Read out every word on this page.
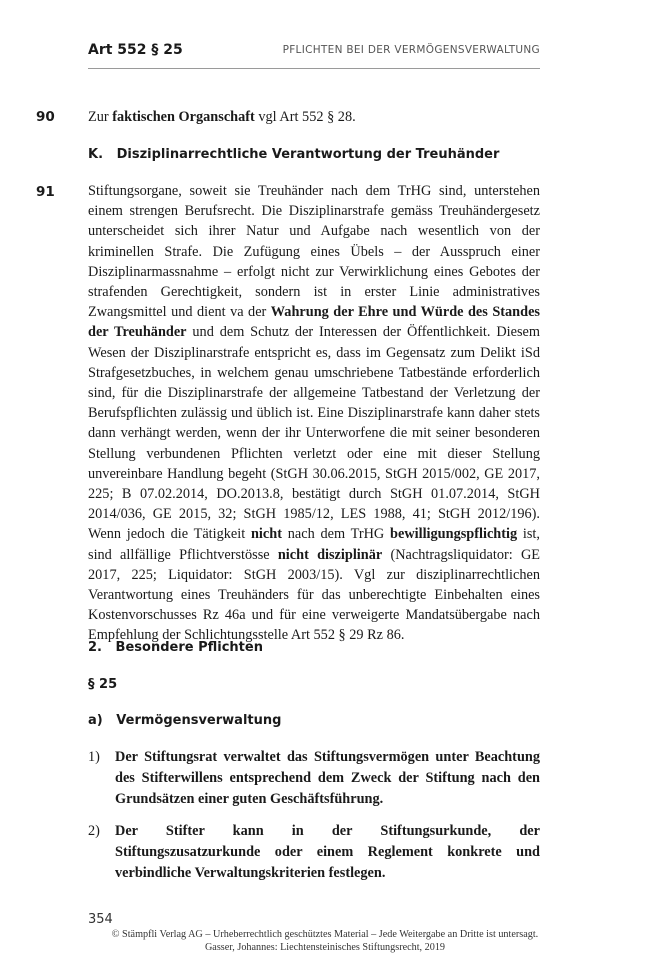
Art 552 § 25	PFLICHTEN BEI DER VERMÖGENSVERWALTUNG
90 Zur faktischen Organschaft vgl Art 552 § 28.
K.   Disziplinarrechtliche Verantwortung der Treuhänder
91 Stiftungsorgane, soweit sie Treuhänder nach dem TrHG sind, unterstehen einem strengen Berufsrecht. Die Disziplinarstrafe gemäss Treuhändergesetz unterscheidet sich ihrer Natur und Aufgabe nach wesentlich von der kriminellen Strafe. Die Zufügung eines Übels – der Ausspruch einer Disziplinarmassnahme – erfolgt nicht zur Verwirklichung eines Gebotes der strafenden Gerechtigkeit, sondern ist in erster Linie administratives Zwangsmittel und dient va der Wahrung der Ehre und Würde des Standes der Treuhänder und dem Schutz der Interessen der Öffentlichkeit. Diesem Wesen der Disziplinarstrafe entspricht es, dass im Gegensatz zum Delikt iSd Strafgesetzbuches, in welchem genau umschriebene Tatbestände erforderlich sind, für die Disziplinarstrafe der allgemeine Tatbestand der Verletzung der Berufspflichten zulässig und üblich ist. Eine Disziplinarstrafe kann daher stets dann verhängt werden, wenn der ihr Unterworfene die mit seiner besonderen Stellung verbundenen Pflichten verletzt oder eine mit dieser Stellung unvereinbare Handlung begeht (StGH 30.06.2015, StGH 2015/002, GE 2017, 225; B 07.02.2014, DO.2013.8, bestätigt durch StGH 01.07.2014, StGH 2014/036, GE 2015, 32; StGH 1985/12, LES 1988, 41; StGH 2012/196). Wenn jedoch die Tätigkeit nicht nach dem TrHG bewilligungspflichtig ist, sind allfällige Pflichtverstösse nicht disziplinär (Nachtragsliquidator: GE 2017, 225; Liquidator: StGH 2003/15). Vgl zur disziplinarrechtlichen Verantwortung eines Treuhänders für das unberechtigte Einbehalten eines Kostenvorschusses Rz 46a und für eine verweigerte Mandatsübergabe nach Empfehlung der Schlichtungsstelle Art 552 § 29 Rz 86.
2.   Besondere Pflichten
§ 25
a)   Vermögensverwaltung
1) Der Stiftungsrat verwaltet das Stiftungsvermögen unter Beachtung des Stifterwillens entsprechend dem Zweck der Stiftung nach den Grundsätzen einer guten Geschäftsführung.
2) Der Stifter kann in der Stiftungsurkunde, der Stiftungszusatzurkunde oder einem Reglement konkrete und verbindliche Verwaltungskriterien festlegen.
354
© Stämpfli Verlag AG – Urheberrechtlich geschütztes Material – Jede Weitergabe an Dritte ist untersagt.
Gasser, Johannes: Liechtensteinisches Stiftungsrecht, 2019
